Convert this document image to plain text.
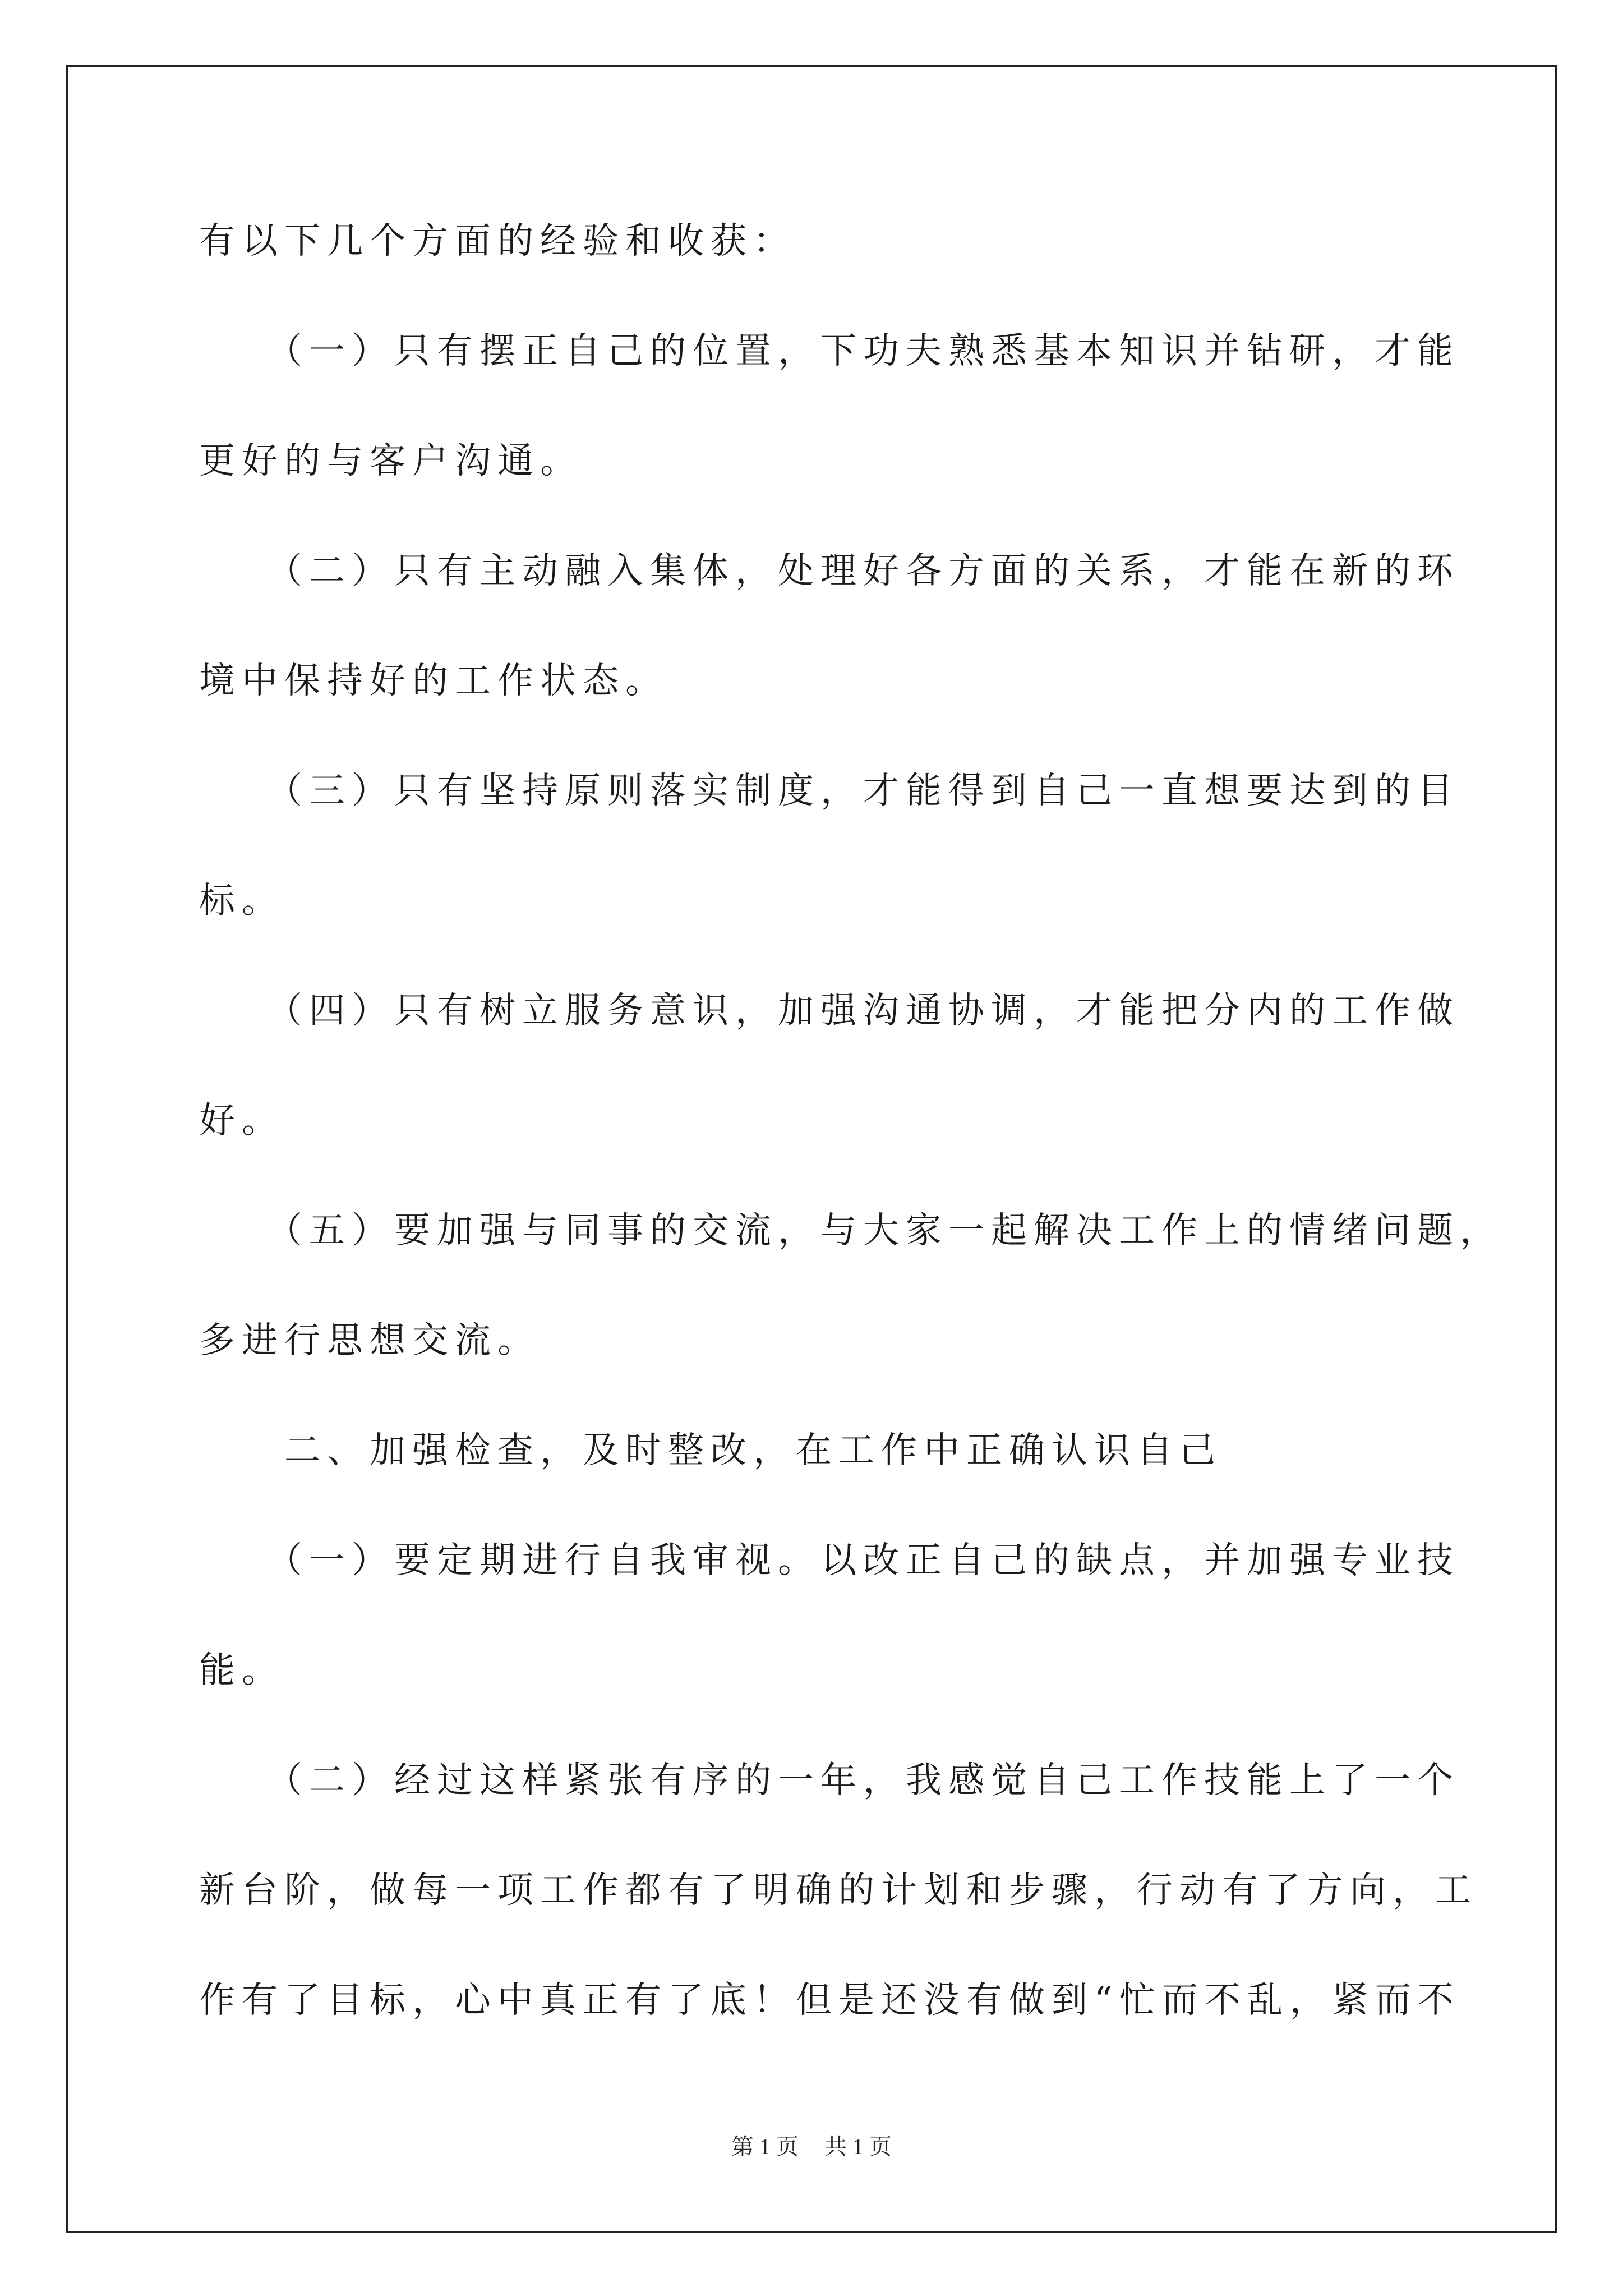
有以下几个方面的经验和收获：
　　（一）只有摆正自己的位置，下功夫熟悉基本知识并钻研，才能
更好的与客户沟通。
　　（二）只有主动融入集体，处理好各方面的关系，才能在新的环
境中保持好的工作状态。
　　（三）只有坚持原则落实制度，才能得到自己一直想要达到的目
标。
　　（四）只有树立服务意识，加强沟通协调，才能把分内的工作做
好。
　　（五）要加强与同事的交流，与大家一起解决工作上的情绪问题，
多进行思想交流。
　　二、加强检查，及时整改，在工作中正确认识自己
　　（一）要定期进行自我审视。以改正自己的缺点，并加强专业技
能。
　　（二）经过这样紧张有序的一年，我感觉自己工作技能上了一个
新台阶，做每一项工作都有了明确的计划和步骤，行动有了方向，工
作有了目标，心中真正有了底！但是还没有做到“忙而不乱，紧而不
第 1 页 共 1 页
